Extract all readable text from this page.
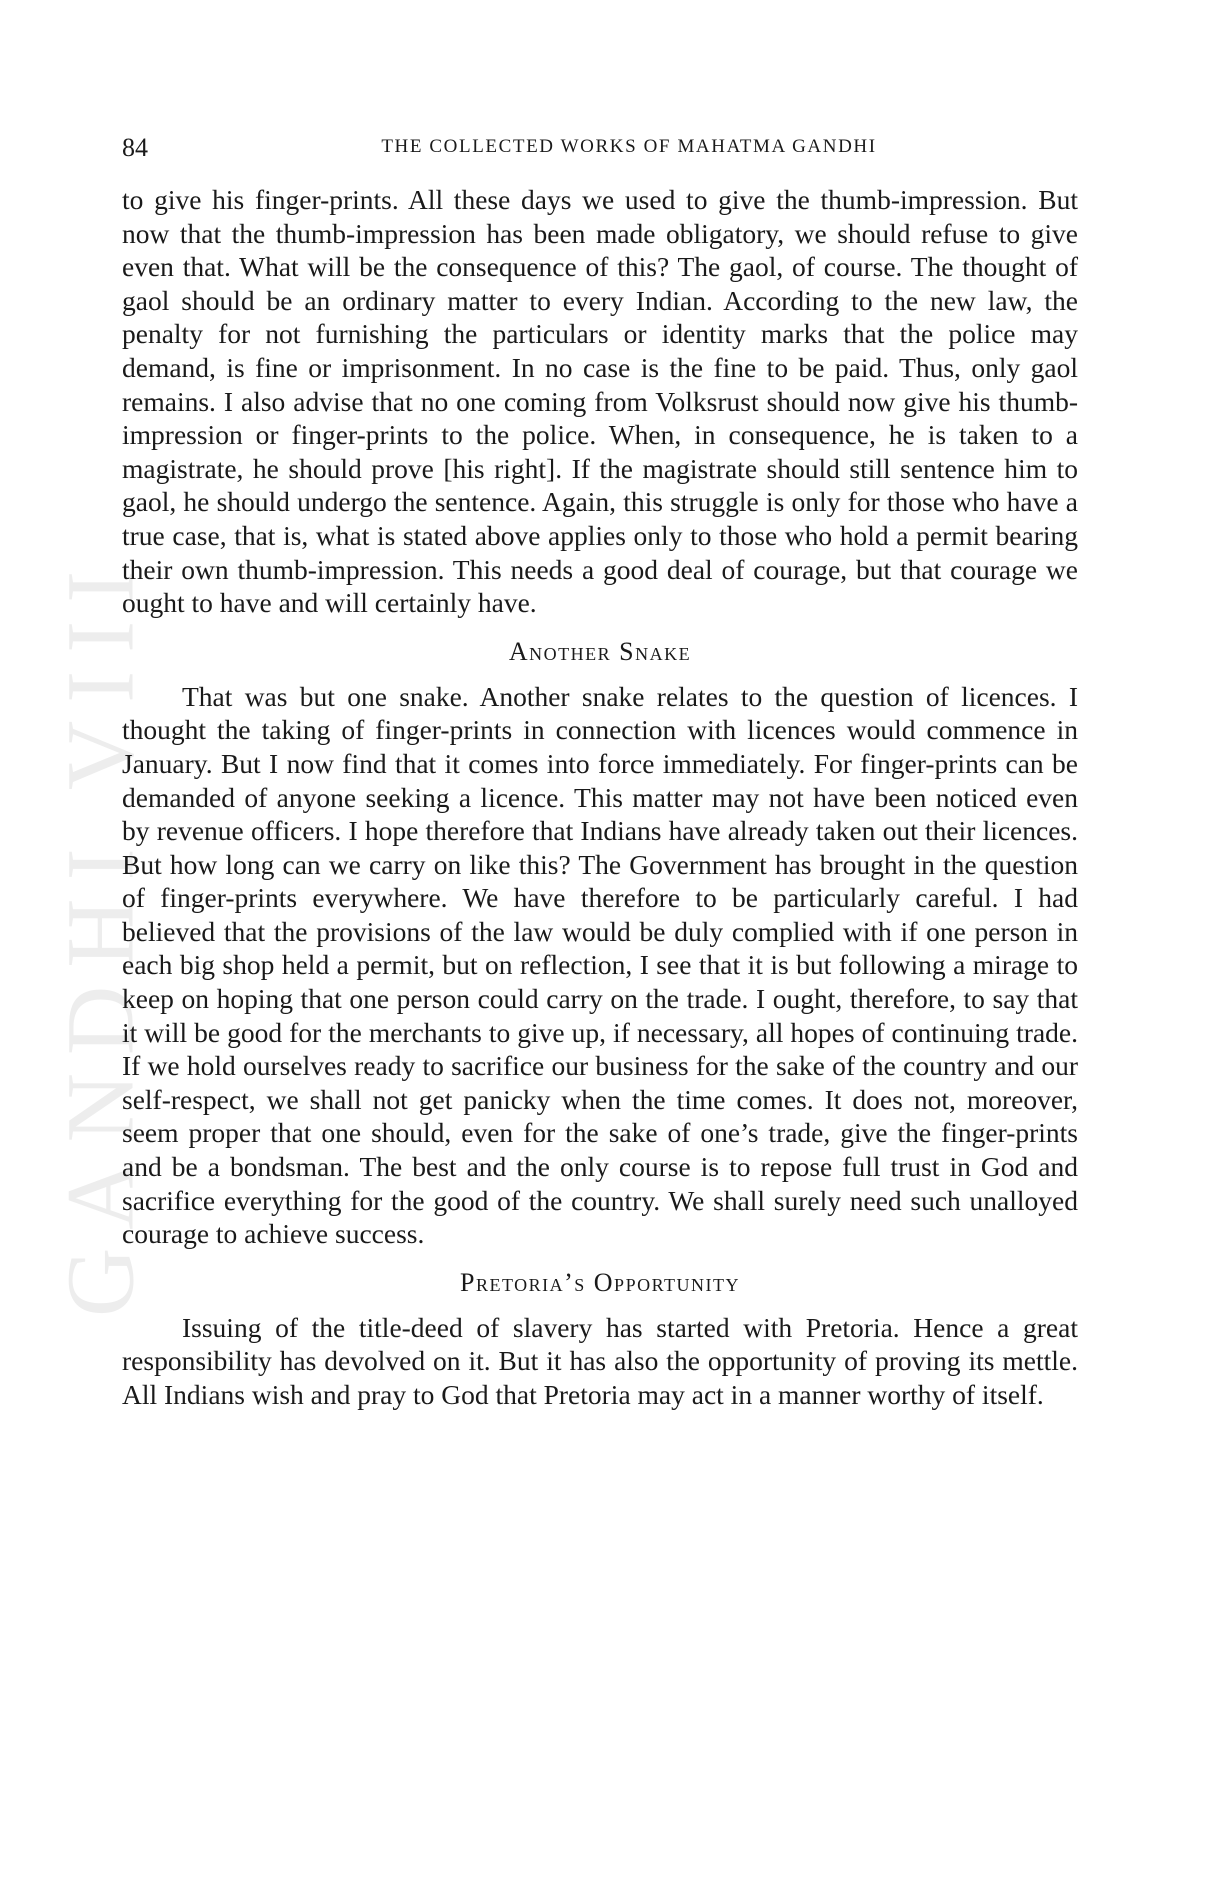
GANDHI VIII
84	THE COLLECTED WORKS OF MAHATMA GANDHI

to give his finger-prints. All these days we used to give the thumb-impression. But now that the thumb-impression has been made obligatory, we should refuse to give even that. What will be the consequence of this? The gaol, of course. The thought of gaol should be an ordinary matter to every Indian. According to the new law, the penalty for not furnishing the particulars or identity marks that the police may demand, is fine or imprisonment. In no case is the fine to be paid. Thus, only gaol remains. I also advise that no one coming from Volksrust should now give his thumb-impression or finger-prints to the police. When, in consequence, he is taken to a magistrate, he should prove [his right]. If the magistrate should still sentence him to gaol, he should undergo the sentence. Again, this struggle is only for those who have a true case, that is, what is stated above applies only to those who hold a permit bearing their own thumb-impression. This needs a good deal of courage, but that courage we ought to have and will certainly have.

Another Snake

That was but one snake. Another snake relates to the question of licences. I thought the taking of finger-prints in connection with licences would commence in January. But I now find that it comes into force immediately. For finger-prints can be demanded of anyone seeking a licence. This matter may not have been noticed even by revenue officers. I hope therefore that Indians have already taken out their licences. But how long can we carry on like this? The Government has brought in the question of finger-prints everywhere. We have therefore to be particularly careful. I had believed that the provisions of the law would be duly complied with if one person in each big shop held a permit, but on reflection, I see that it is but following a mirage to keep on hoping that one person could carry on the trade. I ought, therefore, to say that it will be good for the merchants to give up, if necessary, all hopes of continuing trade. If we hold ourselves ready to sacrifice our business for the sake of the country and our self-respect, we shall not get panicky when the time comes. It does not, moreover, seem proper that one should, even for the sake of one’s trade, give the finger-prints and be a bondsman. The best and the only course is to repose full trust in God and sacrifice everything for the good of the country. We shall surely need such unalloyed courage to achieve success.

Pretoria’s Opportunity

Issuing of the title-deed of slavery has started with Pretoria. Hence a great responsibility has devolved on it. But it has also the opportunity of proving its mettle. All Indians wish and pray to God that Pretoria may act in a manner worthy of itself.
